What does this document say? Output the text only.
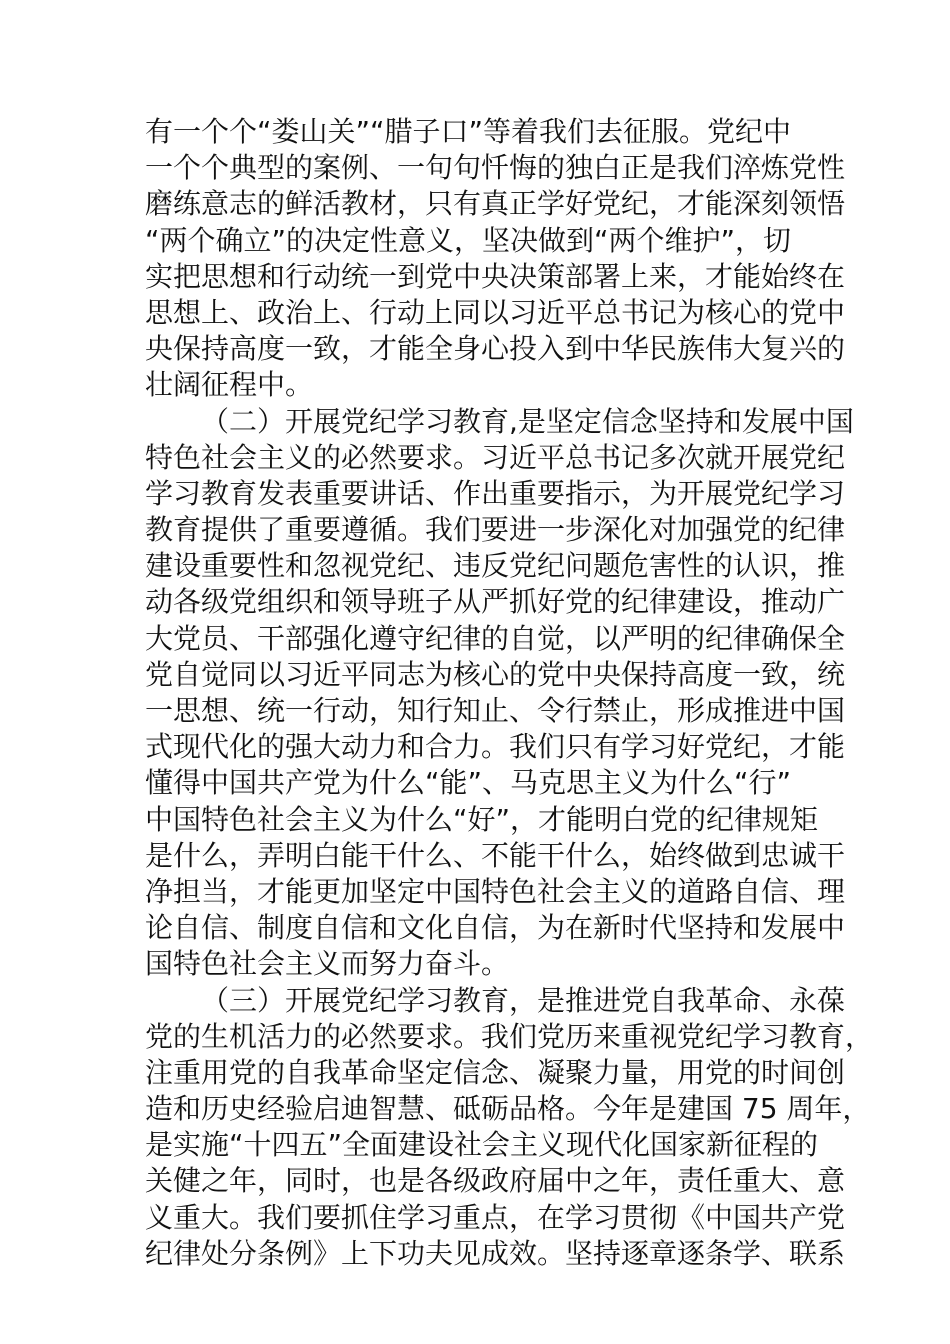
有一个个“娄山关”“腊子口”等着我们去征服。党纪中
一个个典型的案例、一句句忏悔的独白正是我们淬炼党性
磨练意志的鲜活教材，只有真正学好党纪，才能深刻领悟
“两个确立”的决定性意义，坚决做到“两个维护”，切
实把思想和行动统一到党中央决策部署上来，才能始终在
思想上、政治上、行动上同以习近平总书记为核心的党中
央保持高度一致，才能全身心投入到中华民族伟大复兴的
壮阔征程中。
（二）开展党纪学习教育,是坚定信念坚持和发展中国
特色社会主义的必然要求。习近平总书记多次就开展党纪
学习教育发表重要讲话、作出重要指示，为开展党纪学习
教育提供了重要遵循。我们要进一步深化对加强党的纪律
建设重要性和忽视党纪、违反党纪问题危害性的认识，推
动各级党组织和领导班子从严抓好党的纪律建设，推动广
大党员、干部强化遵守纪律的自觉，以严明的纪律确保全
党自觉同以习近平同志为核心的党中央保持高度一致，统
一思想、统一行动，知行知止、令行禁止，形成推进中国
式现代化的强大动力和合力。我们只有学习好党纪，才能
懂得中国共产党为什么“能”、马克思主义为什么“行”
中国特色社会主义为什么“好”，才能明白党的纪律规矩
是什么，弄明白能干什么、不能干什么，始终做到忠诚干
净担当，才能更加坚定中国特色社会主义的道路自信、理
论自信、制度自信和文化自信，为在新时代坚持和发展中
国特色社会主义而努力奋斗。
（三）开展党纪学习教育，是推进党自我革命、永葆
党的生机活力的必然要求。我们党历来重视党纪学习教育，
注重用党的自我革命坚定信念、凝聚力量，用党的时间创
造和历史经验启迪智慧、砥砺品格。今年是建国 75 周年，
是实施“十四五”全面建设社会主义现代化国家新征程的
关健之年，同时，也是各级政府届中之年，责任重大、意
义重大。我们要抓住学习重点，在学习贯彻《中国共产党
纪律处分条例》上下功夫见成效。坚持逐章逐条学、联系
